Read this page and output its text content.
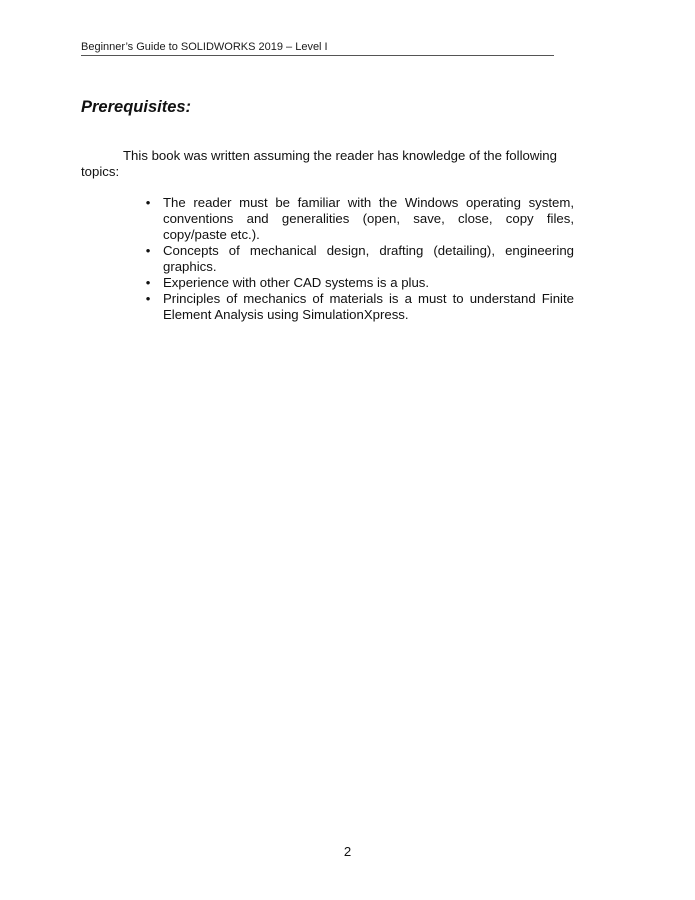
Beginner’s Guide to SOLIDWORKS 2019 – Level I
Prerequisites:

This book was written assuming the reader has knowledge of the following topics:

• The reader must be familiar with the Windows operating system, conventions and generalities (open, save, close, copy files, copy/paste etc.).
• Concepts of mechanical design, drafting (detailing), engineering graphics.
• Experience with other CAD systems is a plus.
• Principles of mechanics of materials is a must to understand Finite Element Analysis using SimulationXpress.
2
